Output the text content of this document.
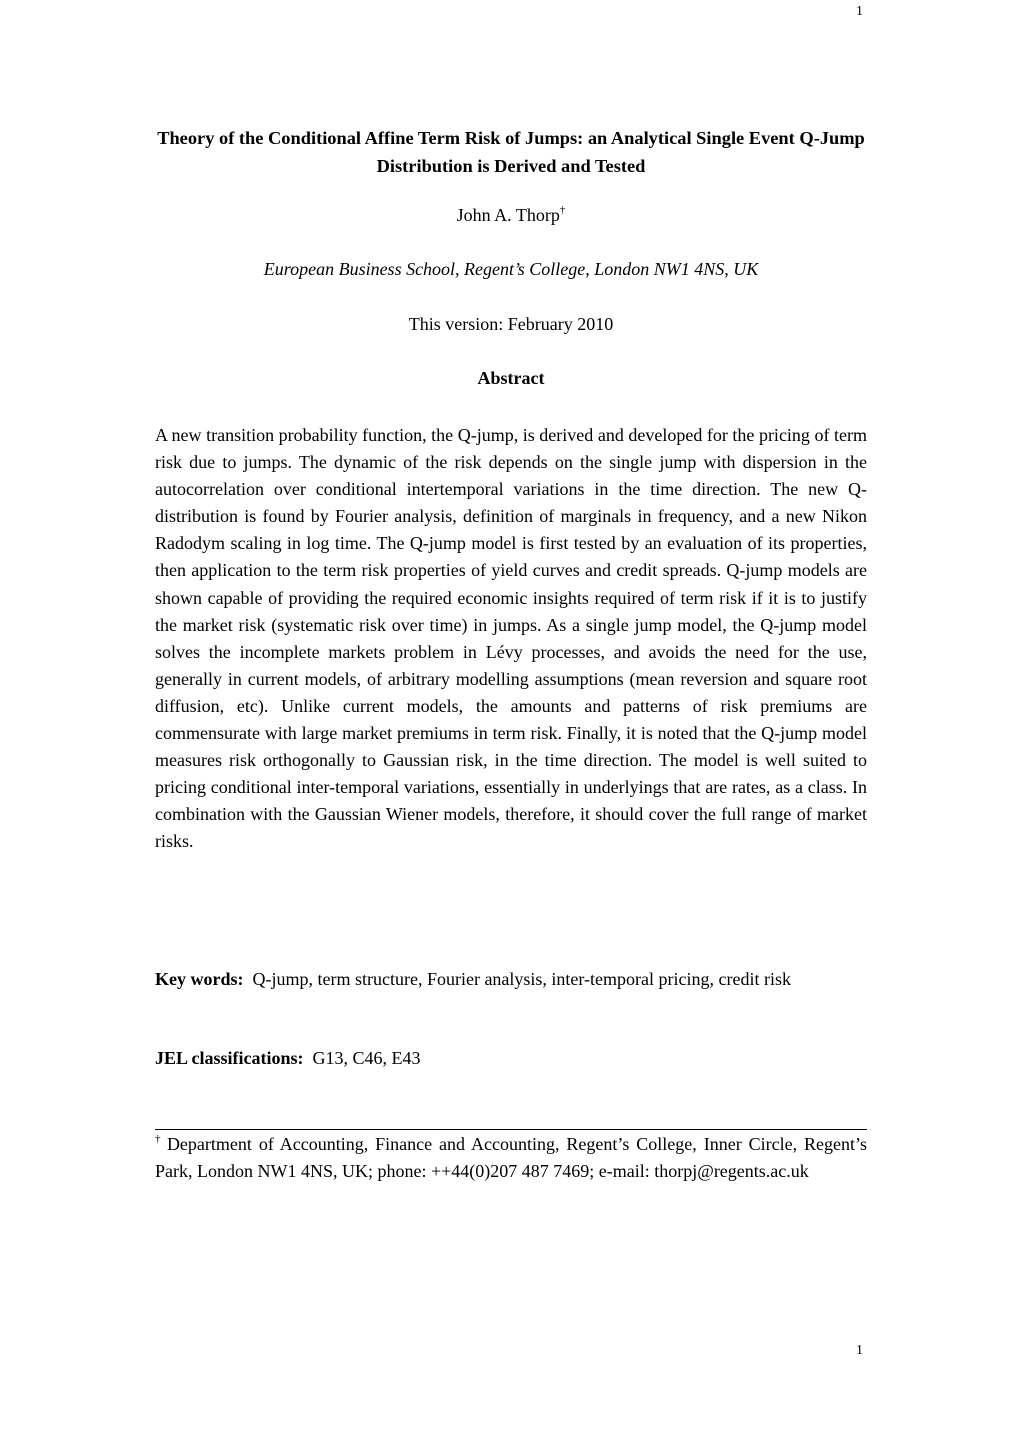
1
Theory of the Conditional Affine Term Risk of Jumps: an Analytical Single Event Q-Jump Distribution is Derived and Tested
John A. Thorp†
European Business School, Regent’s College, London NW1 4NS, UK
This version: February 2010
Abstract

A new transition probability function, the Q-jump, is derived and developed for the pricing of term risk due to jumps. The dynamic of the risk depends on the single jump with dispersion in the autocorrelation over conditional intertemporal variations in the time direction. The new Q-distribution is found by Fourier analysis, definition of marginals in frequency, and a new Nikon Radodym scaling in log time. The Q-jump model is first tested by an evaluation of its properties, then application to the term risk properties of yield curves and credit spreads. Q-jump models are shown capable of providing the required economic insights required of term risk if it is to justify the market risk (systematic risk over time) in jumps. As a single jump model, the Q-jump model solves the incomplete markets problem in Lévy processes, and avoids the need for the use, generally in current models, of arbitrary modelling assumptions (mean reversion and square root diffusion, etc). Unlike current models, the amounts and patterns of risk premiums are commensurate with large market premiums in term risk. Finally, it is noted that the Q-jump model measures risk orthogonally to Gaussian risk, in the time direction. The model is well suited to pricing conditional inter-temporal variations, essentially in underlyings that are rates, as a class. In combination with the Gaussian Wiener models, therefore, it should cover the full range of market risks.

Key words: Q-jump, term structure, Fourier analysis, inter-temporal pricing, credit risk
JEL classifications: G13, C46, E43
† Department of Accounting, Finance and Accounting, Regent’s College, Inner Circle, Regent’s Park, London NW1 4NS, UK; phone: ++44(0)207 487 7469; e-mail: thorpj@regents.ac.uk
1
